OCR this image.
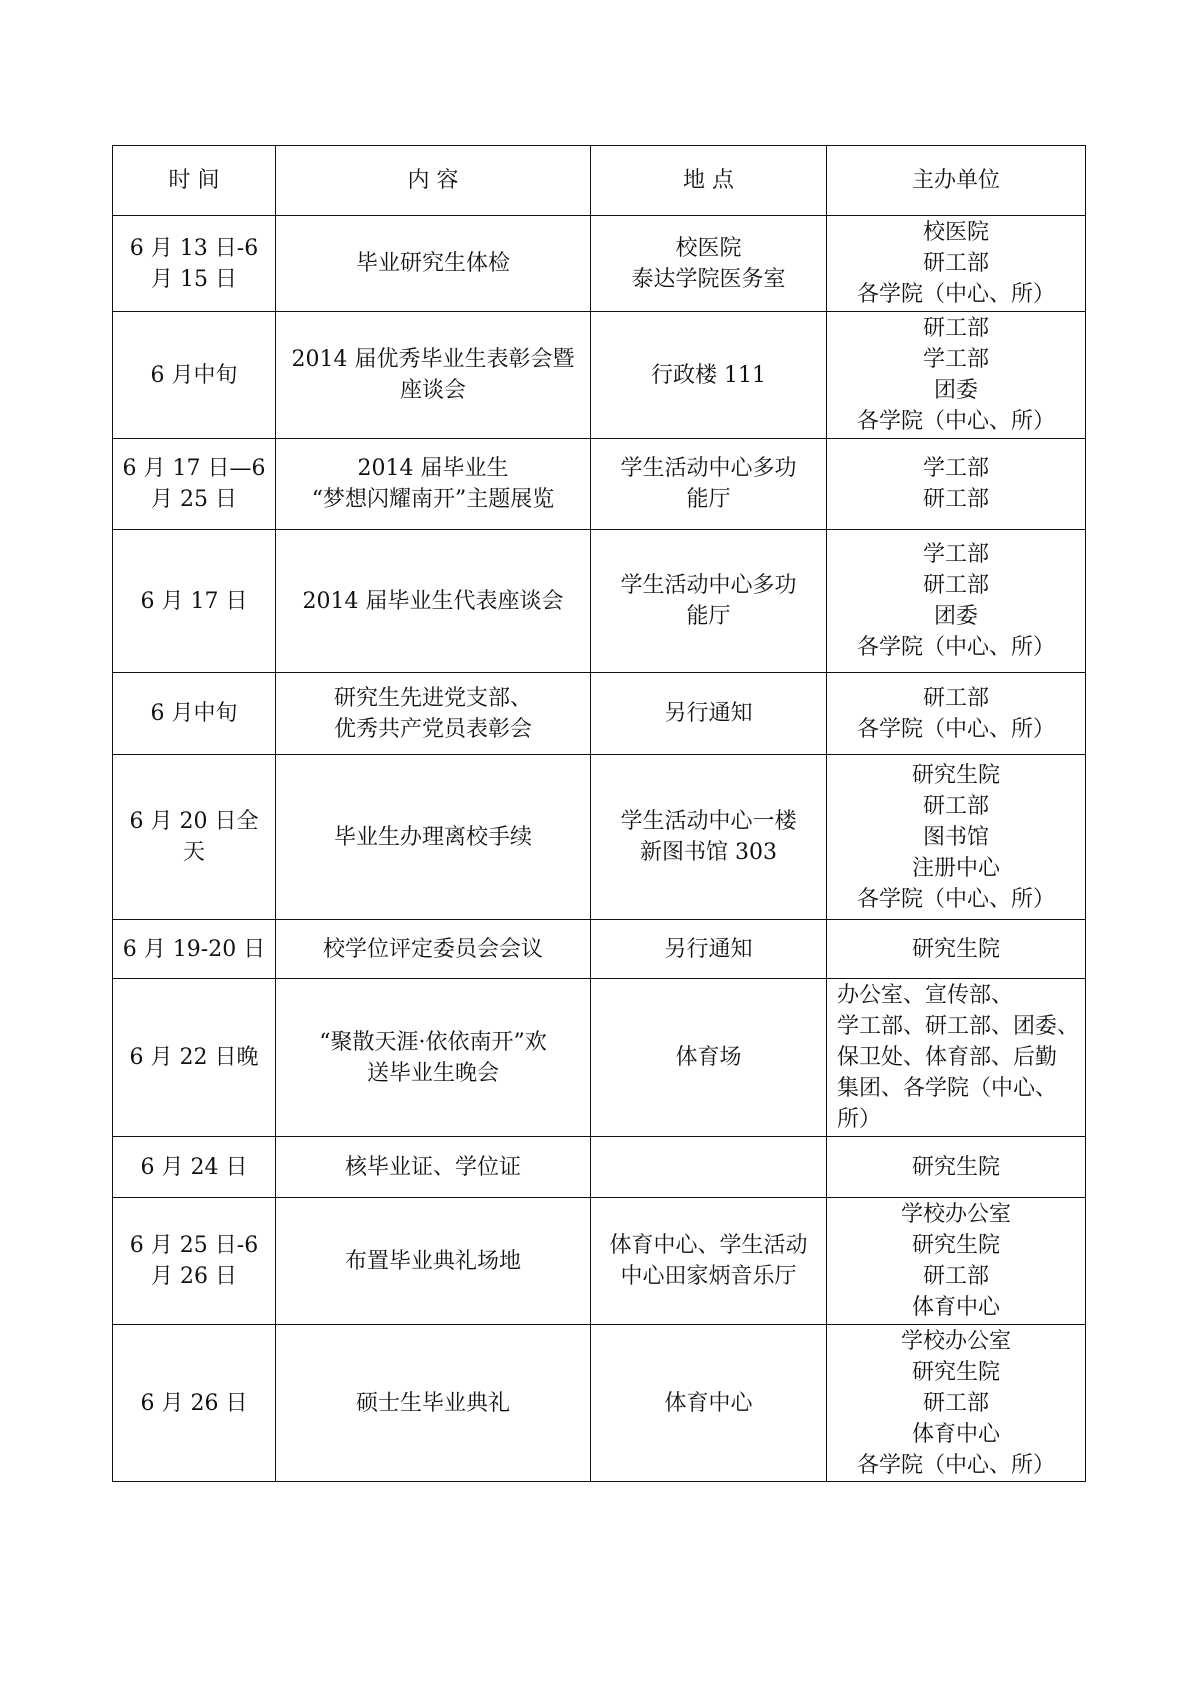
时 间	内 容	地 点	主办单位

6 月 13 日-6
月 15 日	毕业研究生体检	校医院
泰达学院医务室	校医院
研工部
各学院（中心、所）

6 月中旬	2014 届优秀毕业生表彰会暨
座谈会	行政楼 111	研工部
学工部
团委
各学院（中心、所）

6 月 17 日—6
月 25 日	2014 届毕业生
“梦想闪耀南开”主题展览	学生活动中心多功
能厅	学工部
研工部

6 月 17 日	2014 届毕业生代表座谈会	学生活动中心多功
能厅	学工部
研工部
团委
各学院（中心、所）

6 月中旬	研究生先进党支部、
优秀共产党员表彰会	另行通知	研工部
各学院（中心、所）

6 月 20 日全
天	毕业生办理离校手续	学生活动中心一楼
新图书馆 303	研究生院
研工部
图书馆
注册中心
各学院（中心、所）

6 月 19-20 日	校学位评定委员会会议	另行通知	研究生院

6 月 22 日晚	“聚散天涯·依依南开”欢
送毕业生晚会	体育场	办公室、宣传部、
学工部、研工部、团委、
保卫处、体育部、后勤
集团、各学院（中心、
所）

6 月 24 日	核毕业证、学位证		研究生院

6 月 25 日-6
月 26 日	布置毕业典礼场地	体育中心、学生活动
中心田家炳音乐厅	学校办公室
研究生院
研工部
体育中心

6 月 26 日	硕士生毕业典礼	体育中心	学校办公室
研究生院
研工部
体育中心
各学院（中心、所）
